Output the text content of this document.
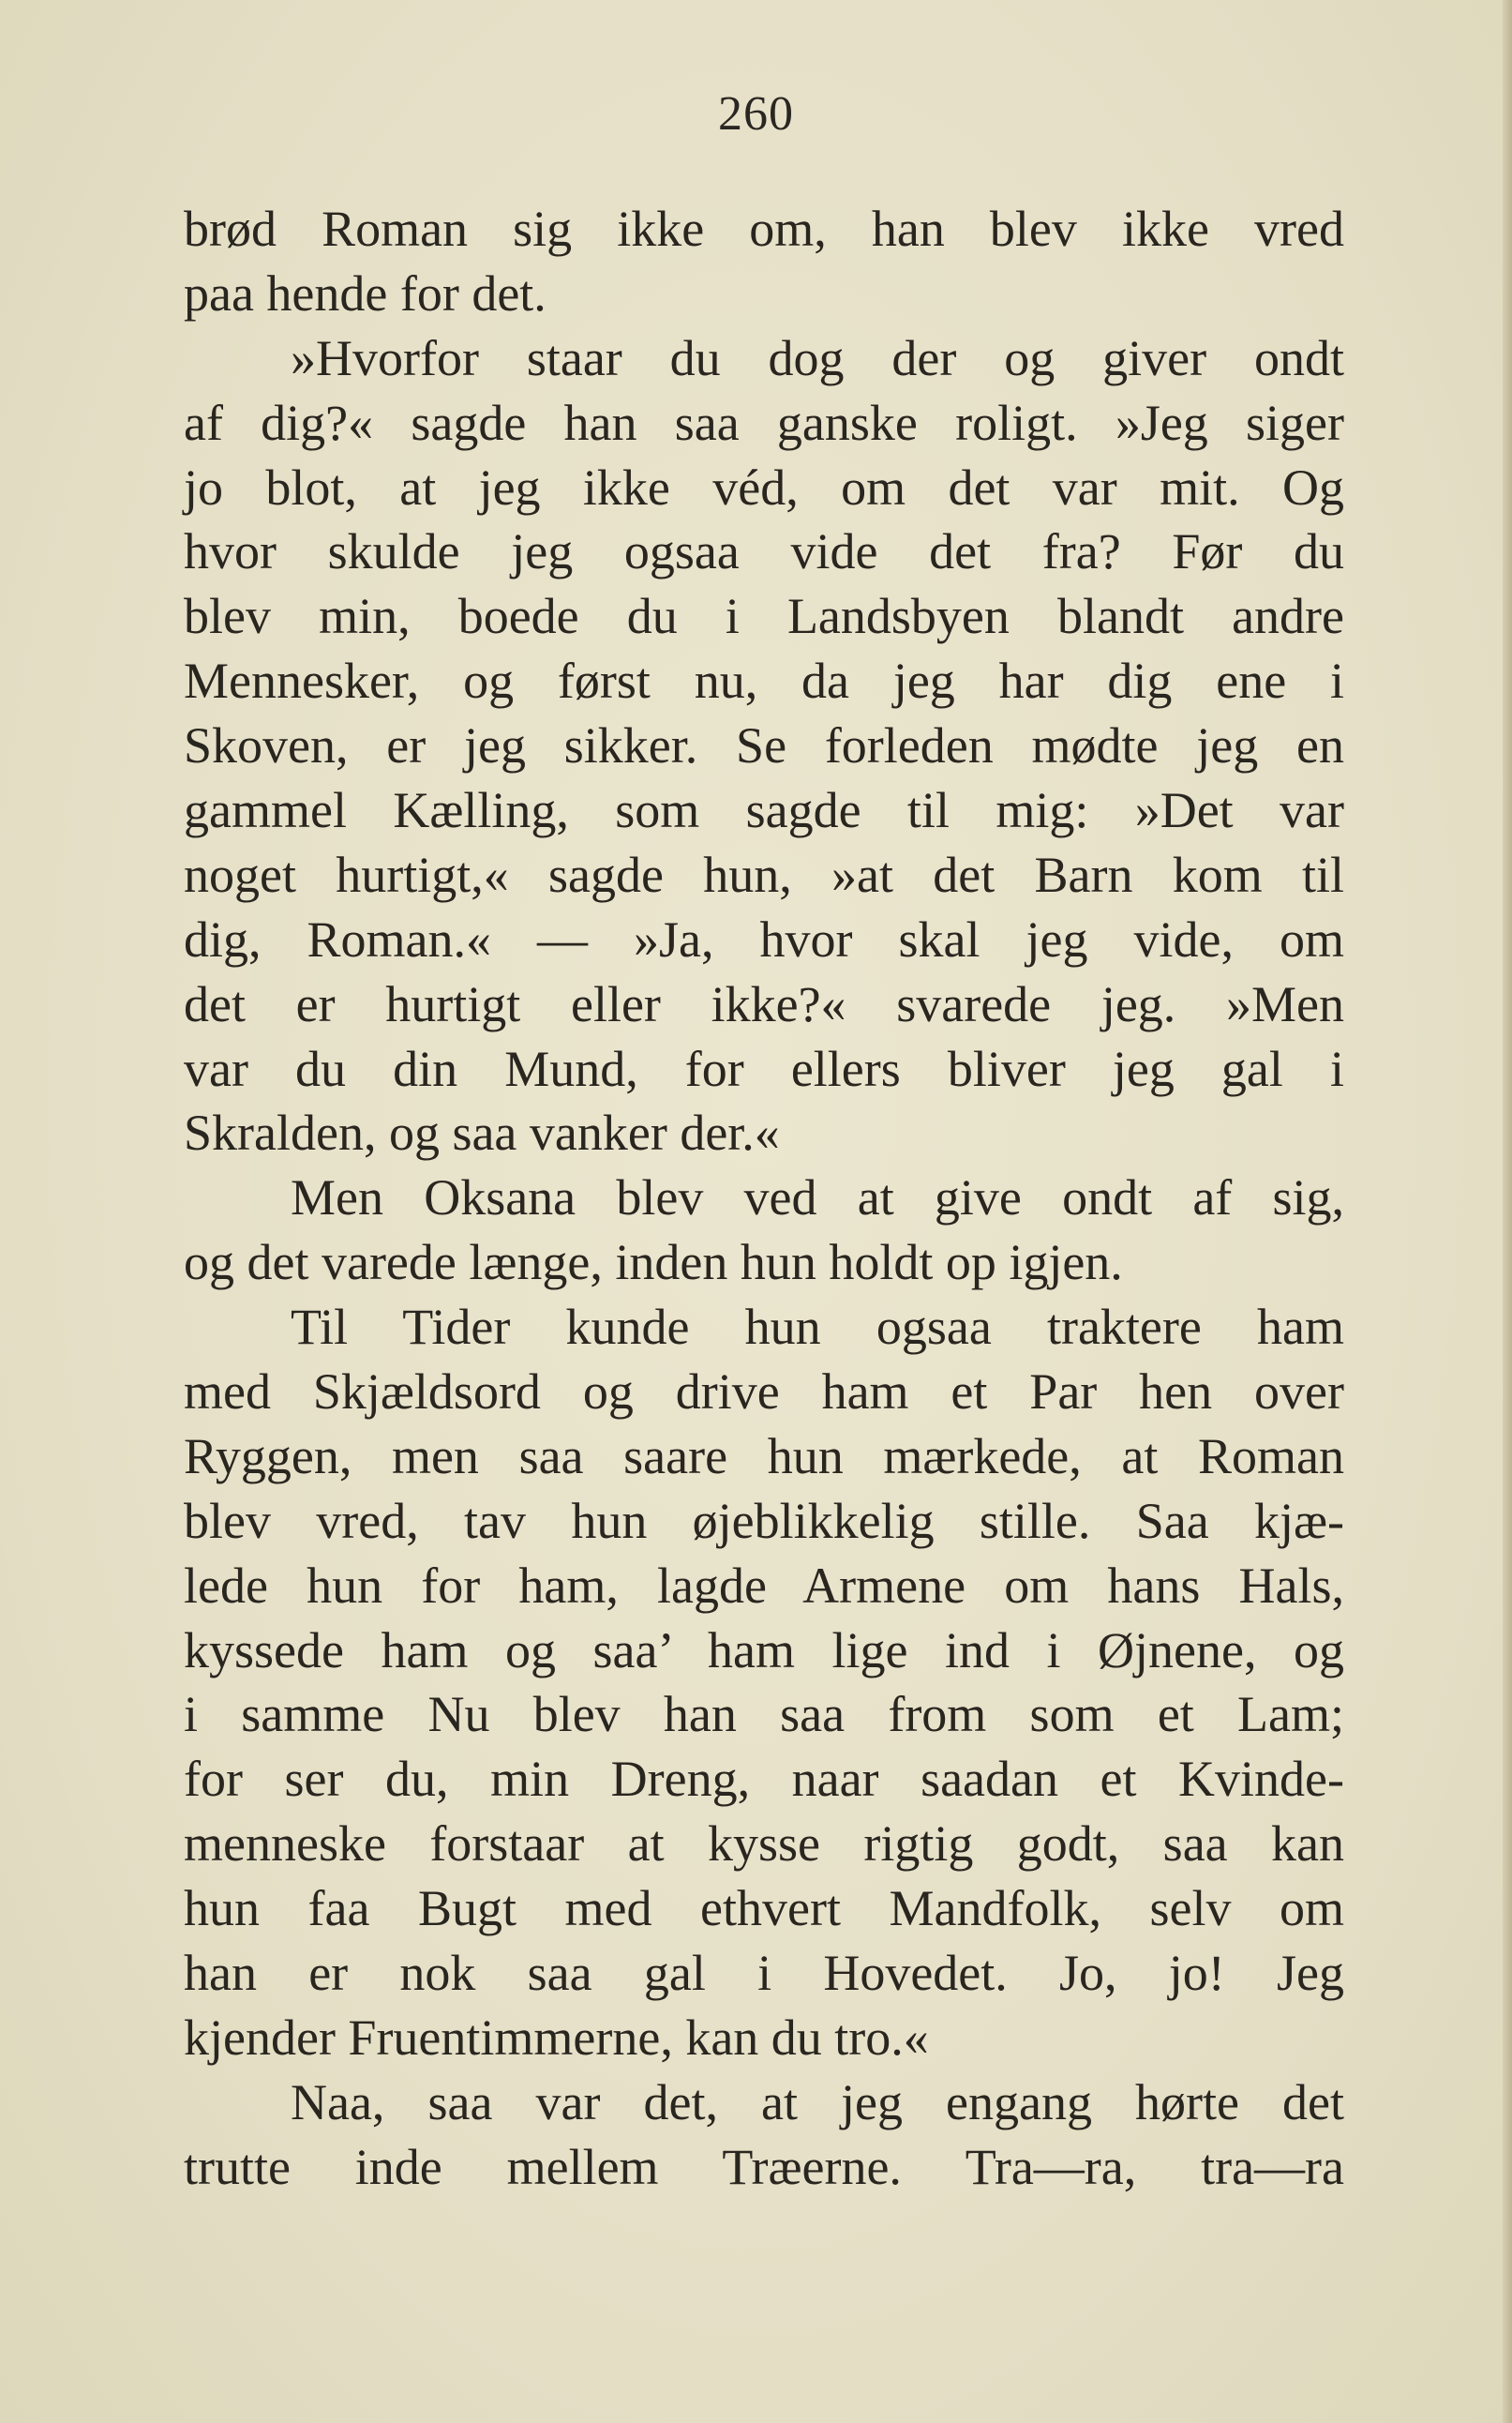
260
brød Roman sig ikke om, han blev ikke vred
paa hende for det.
»Hvorfor staar du dog der og giver ondt
af dig?« sagde han saa ganske roligt. »Jeg siger
jo blot, at jeg ikke véd, om det var mit. Og
hvor skulde jeg ogsaa vide det fra? Før du
blev min, boede du i Landsbyen blandt andre
Mennesker, og først nu, da jeg har dig ene i
Skoven, er jeg sikker. Se forleden mødte jeg en
gammel Kælling, som sagde til mig: »Det var
noget hurtigt,« sagde hun, »at det Barn kom til
dig, Roman.« — »Ja, hvor skal jeg vide, om
det er hurtigt eller ikke?« svarede jeg. »Men
var du din Mund, for ellers bliver jeg gal i
Skralden, og saa vanker der.«
Men Oksana blev ved at give ondt af sig,
og det varede længe, inden hun holdt op igjen.
Til Tider kunde hun ogsaa traktere ham
med Skjældsord og drive ham et Par hen over
Ryggen, men saa saare hun mærkede, at Roman
blev vred, tav hun øjeblikkelig stille. Saa kjæ-
lede hun for ham, lagde Armene om hans Hals,
kyssede ham og saa’ ham lige ind i Øjnene, og
i samme Nu blev han saa from som et Lam;
for ser du, min Dreng, naar saadan et Kvinde-
menneske forstaar at kysse rigtig godt, saa kan
hun faa Bugt med ethvert Mandfolk, selv om
han er nok saa gal i Hovedet. Jo, jo! Jeg
kjender Fruentimmerne, kan du tro.«
Naa, saa var det, at jeg engang hørte det
trutte inde mellem Træerne. Tra—ra, tra—ra
